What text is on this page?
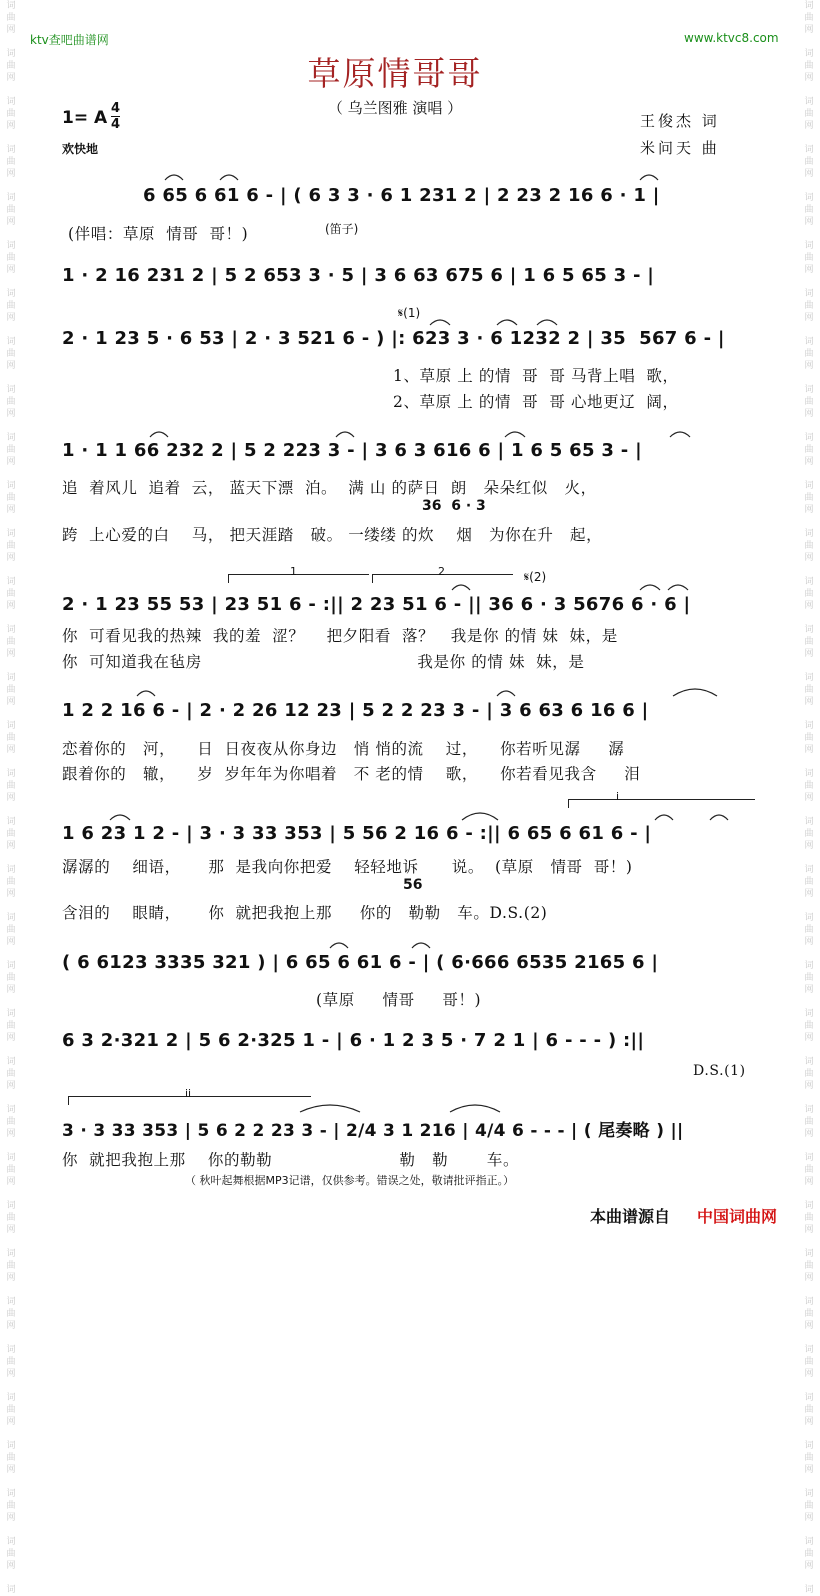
词
曲
网
词
曲
网
词
曲
网
词
曲
网
词
曲
网
词
曲
网
词
曲
网
词
曲
网
词
曲
网
词
曲
网
词
曲
网
词
曲
网
词
曲
网
词
曲
网
词
曲
网
词
曲
网
词
曲
网
词
曲
网
词
曲
网
词
曲
网
词
曲
网
词
曲
网
词
曲
网
词
曲
网
词
曲
网
词
曲
网
词
曲
网
词
曲
网
词
曲
网
词
曲
网
词
曲
网
词
曲
网
词
曲
网
词
词
曲
网
词
曲
网
词
曲
网
词
曲
网
词
曲
网
词
曲
网
词
曲
网
词
曲
网
词
曲
网
词
曲
网
词
曲
网
词
曲
网
词
曲
网
词
曲
网
词
曲
网
词
曲
网
词
曲
网
词
曲
网
词
曲
网
词
曲
网
词
曲
网
词
曲
网
词
曲
网
词
曲
网
词
曲
网
词
曲
网
词
曲
网
词
曲
网
词
曲
网
词
曲
网
词
曲
网
词
曲
网
词
曲
网
词
ktv查吧曲谱网	www.ktvc8.com
草原情哥哥
（ 乌兰图雅 演唱 ）
1= A 4
4
欢快地
王俊杰 词
米问天 曲
6 65 6 61 6 - | ( 6 3 3 · 6 1 231 2 | 2 23 2 16 6 · 1 |
(伴唱：草原  情哥  哥！)	(笛子)
1 · 2 16 231 2 | 5 2 653 3 · 5 | 3 6 63 675 6 | 1 6 5 65 3 - |
𝄋(1)
2 · 1 23 5 · 6 53 | 2 · 3 521 6 - ) |: 623 3 · 6 1232 2 | 35  567 6 - |
1、草原 上 的情  哥  哥 马背上唱  歌，
2、草原 上 的情  哥  哥 心地更辽  阔，
1 · 1 1 66 232 2 | 5 2 223 3 - | 3 6 3 616 6 | 1 6 5 65 3 - |
追  着风儿  追着  云， 蓝天下漂  泊。  满 山 的萨日  朗   朵朵红似   火，
36  6 · 3
跨  上心爱的白    马， 把天涯踏   破。 一缕缕 的炊    烟   为你在升   起，
1	2	𝄋(2)
2 · 1 23 55 53 | 23 51 6 - :|| 2 23 51 6 - || 36 6 · 3 5676 6 · 6 |
你  可看见我的热辣  我的羞  涩？    把夕阳看  落？   我是你 的情 妹  妹，是
你  可知道我在毡房                                       我是你 的情 妹  妹，是
1 2 2 16 6 - | 2 · 2 26 12 23 | 5 2 2 23 3 - | 3 6 63 6 16 6 |
恋着你的   河，    日  日夜夜从你身边   悄 悄的流    过，    你若听见潺     潺
跟着你的   辙，    岁  岁年年为你唱着   不 老的情    歌，    你若看见我含     泪
i
1 6 23 1 2 - | 3 · 3 33 353 | 5 56 2 16 6 - :|| 6 65 6 61 6 - |
潺潺的    细语，     那  是我向你把爱    轻轻地诉      说。  (草原   情哥  哥！)
56
含泪的    眼睛，     你  就把我抱上那     你的   勒勒   车。D.S.(2)
( 6 6123 3335 321 ) | 6 65 6 61 6 - | ( 6·666 6535 2165 6 |
(草原     情哥     哥！)
6 3 2·321 2 | 5 6 2·325 1 - | 6 · 1 2 3 5 · 7 2 1 | 6 - - - ) :||
D.S.(1)
ii
3 · 3 33 353 | 5 6 2 2 23 3 - | 2/4 3 1 216 | 4/4 6 - - - | ( 尾奏略 ) ||
你  就把我抱上那    你的勒勒                       勒   勒       车。
（ 秋叶起舞根据MP3记谱，仅供参考。错误之处，敬请批评指正。）
本曲谱源自 中国词曲网
